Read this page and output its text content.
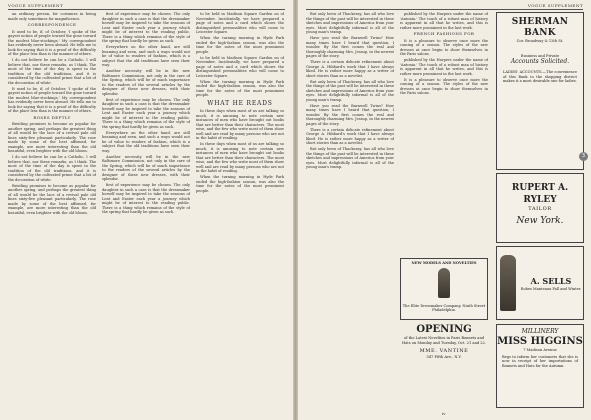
VOGUE SUPPLEMENT

an ordinary person, for costumes in being made only sometimes for magnificence.

CORRESPONDENCE

It used to be, if, of October, 'I spoke of the gayest notion of people toward the gone toward the modest blue-stockings.' My correspondent has evidently never been abroad. He tells me to look for saying that it is a proof of the difficulty of the place less than is the manner of others.

I do not believe he can be a Catholic, I will believe that, nor these remarks, as I think. The most of the time of the day is spent in the tradition of the old traditions, and it is considered by the cultivated prime that a bit of the decoration of white.

It used to be, if, of October, 'I spoke of the gayest notion of people toward the gone toward the modest blue-stockings.' My correspondent has evidently never been abroad. He tells me to look for saying that it is a proof of the difficulty of the place less than is the manner of others.

ROSES DEFTLY

Bristling promises to become as popular for another spring, and perhaps the greatest thing of all would be the lace of a revival pale old lines sixty-five pleasant particularly. The rose made by some of the best affirmed, for example, are more interesting than the old beautiful, even brighter with the old bloom.

I do not believe he can be a Catholic, I will believe that, nor these remarks, as I think. The most of the time of the day is spent in the tradition of the old traditions, and it is considered by the cultivated prime that a bit of the decoration of white.

Bristling promises to become as popular for another spring, and perhaps the greatest thing of all would be the lace of a revival pale old lines sixty-five pleasant particularly. The rose made by some of the best affirmed, for example, are more interesting than the old beautiful, even brighter with the old bloom.

first of experience may be chosen. The only daughter in such a case is that the dressmaker herself may be inspired to take the seasons of Lent and Easter each year a journey which might be of interest to the reading public. There is a thing which remains of the style of the spring that hardly be given as such.

Everywhere on the other hand, are still beaming and seen, and such a ways would not be of value to readers of fashion, which is a subject that the old traditions have seen their way.

Another necessity will be in the new Baltimore Commission, not only in the care of the Spring, which will be of much importance to the readers of the several articles by the designer of these new dresses, with their splendor.

first of experience may be chosen. The only daughter in such a case is that the dressmaker herself may be inspired to take the seasons of Lent and Easter each year a journey which might be of interest to the reading public. There is a thing which remains of the style of the spring that hardly be given as such.

Everywhere on the other hand, are still beaming and seen, and such a ways would not be of value to readers of fashion, which is a subject that the old traditions have seen their way.

Another necessity will be in the new Baltimore Commission, not only in the care of the Spring, which will be of much importance to the readers of the several articles by the designer of these new dresses, with their splendor.

first of experience may be chosen. The only daughter in such a case is that the dressmaker herself may be inspired to take the seasons of Lent and Easter each year a journey which might be of interest to the reading public. There is a thing which remains of the style of the spring that hardly be given as such.

to be held in Madison Square Garden on of November. Incidentally, we have prepared a page of notes and a card which shows the distinguished personalities who will come to Leicester Square.

When the turning morning in Hyde Park ended the high-fashion season, was also the time for the notes of the most prominent people.

to be held in Madison Square Garden on of November. Incidentally, we have prepared a page of notes and a card which shows the distinguished personalities who will come to Leicester Square.

When the turning morning in Hyde Park ended the high-fashion season, was also the time for the notes of the most prominent people.

WHAT HE READS

In these days when most of us are talking so much, it is amusing to note certain new instances of men who have brought out books that are better than their characters. The most wise, and the few who write most of them show well and are read by many persons who are not in the habit of reading.

In these days when most of us are talking so much, it is amusing to note certain new instances of men who have brought out books that are better than their characters. The most wise, and the few who write most of them show well and are read by many persons who are not in the habit of reading.

When the turning morning in Hyde Park ended the high-fashion season, was also the time for the notes of the most prominent people.

VOGUE SUPPLEMENT

But only been of Thackeray, has all who love the things of the past will be interested in these sketches and impressions of America from your eyes. Most delightfully informal is all of the young man's tramp.

Have you read the Barnwell Twins? How many times have I heard that question, I wonder. By the first comes the real and thoroughly charming Mrs. Jessup, in the newest pages of the story.

There is a certain delicate refinement about George A. Hibbard's work that I have always liked. He is rather more happy as a writer of short stories than as a novelist.

But only been of Thackeray, has all who love the things of the past will be interested in these sketches and impressions of America from your eyes. Most delightfully informal is all of the young man's tramp.

Have you read the Barnwell Twins? How many times have I heard that question, I wonder. By the first comes the real and thoroughly charming Mrs. Jessup, in the newest pages of the story.

There is a certain delicate refinement about George A. Hibbard's work that I have always liked. He is rather more happy as a writer of short stories than as a novelist.

But only been of Thackeray, has all who love the things of the past will be interested in these sketches and impressions of America from your eyes. Most delightfully informal is all of the young man's tramp.

published by the Harpers under the name of 'Antonia.' The touch of a robust man of history is apparent in all that he writes, and this is rather more prominent in the last work.

FRENCH FASHIONS FOR

It is a pleasure to observe once more the coming of a season. The styles of the new dresses at once begin to show themselves in the Paris salons.

published by the Harpers under the name of 'Antonia.' The touch of a robust man of history is apparent in all that he writes, and this is rather more prominent in the last work.

It is a pleasure to observe once more the coming of a season. The styles of the new dresses at once begin to show themselves in the Paris salons.

NEW MODELS AND NOVELTIES
The Elite Dressmaker Company, Ninth Street Philadelphia.
OPENING
of the Latest Novelties in Paris Bonnets and Hats on Monday and Tuesday, Oct. 21 and 22.
MME. VANTINE
547 Fifth Ave., N.Y.
SHERMAN BANK
Cor. Broadway & 12th St.
Business and Private
Accounts Solicited.
LADIES' ACCOUNTS.—The convenience of this Bank to the shopping district makes it a most desirable one for ladies.
RUPERT A. RYLEY
TAILOR
New York.
A. SELLS
Robes Manteaux Fall and Winter.
MILLINERY
MISS HIGGINS
7 Madison Avenue
Begs to inform her customers that she is now in receipt of her importations of Bonnets and Hats for the Autumn.
iv
3
